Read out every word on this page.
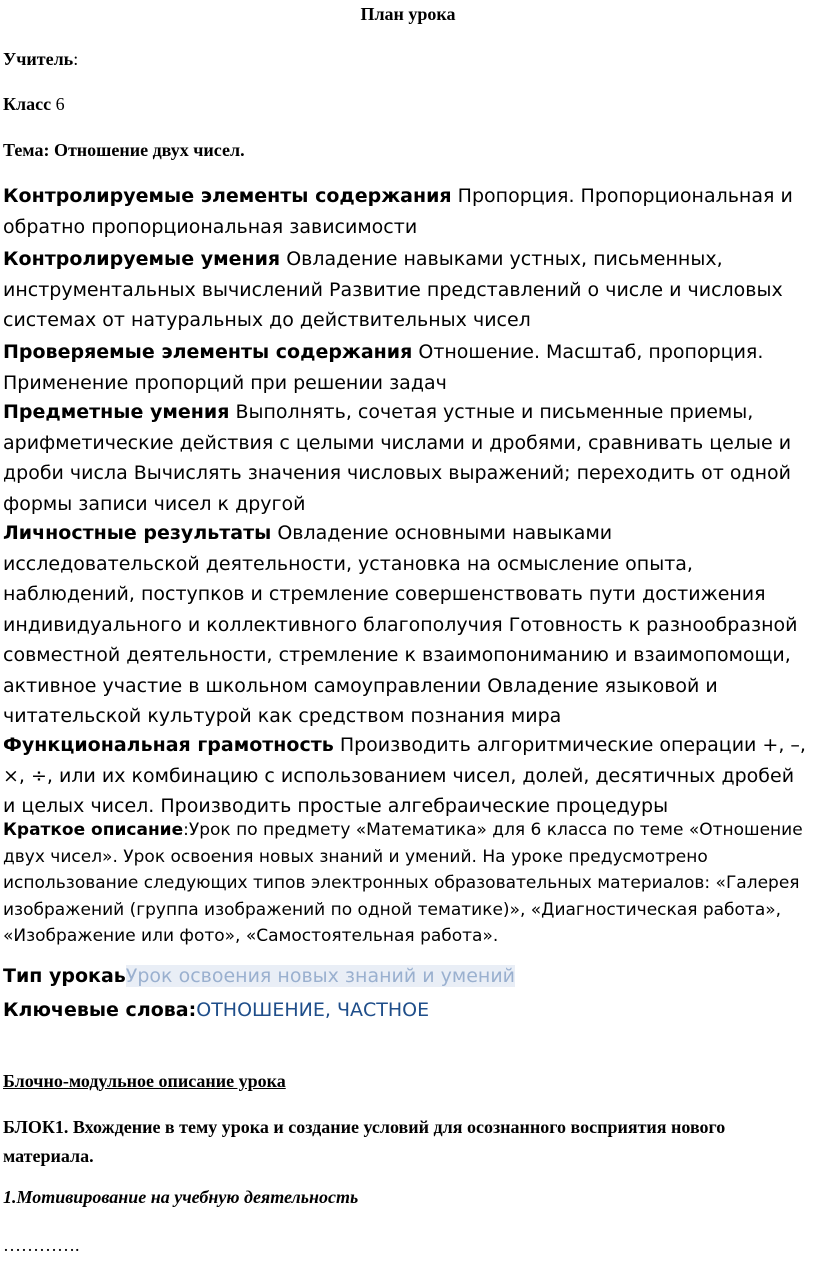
План урока
Учитель:
Класс 6
Тема: Отношение двух чисел.
Контролируемые элементы содержания Пропорция. Пропорциональная и обратно пропорциональная зависимости
Контролируемые умения Овладение навыками устных, письменных, инструментальных вычислений Развитие представлений о числе и числовых системах от натуральных до действительных чисел
Проверяемые элементы содержания Отношение. Масштаб, пропорция. Применение пропорций при решении задач
Предметные умения Выполнять, сочетая устные и письменные приемы, арифметические действия с целыми числами и дробями, сравнивать целые и дроби числа Вычислять значения числовых выражений; переходить от одной формы записи чисел к другой
Личностные результаты Овладение основными навыками исследовательской деятельности, установка на осмысление опыта, наблюдений, поступков и стремление совершенствовать пути достижения индивидуального и коллективного благополучия Готовность к разнообразной совместной деятельности, стремление к взаимопониманию и взаимопомощи, активное участие в школьном самоуправлении Овладение языковой и читательской культурой как средством познания мира
Функциональная грамотность Производить алгоритмические операции +, –, ×, ÷, или их комбинацию с использованием чисел, долей, десятичных дробей и целых чисел. Производить простые алгебраические процедуры
Краткое описание:Урок по предмету «Математика» для 6 класса по теме «Отношение двух чисел». Урок освоения новых знаний и умений. На уроке предусмотрено использование следующих типов электронных образовательных материалов: «Галерея изображений (группа изображений по одной тематике)», «Диагностическая работа», «Изображение или фото», «Самостоятельная работа».
Тип урокаьУрок освоения новых знаний и умений
Ключевые слова:ОТНОШЕНИЕ, ЧАСТНОЕ
Блочно-модульное описание урока
БЛОК1. Вхождение в тему урока и создание условий для осознанного восприятия нового материала.
1.Мотивирование на учебную деятельность
………….
